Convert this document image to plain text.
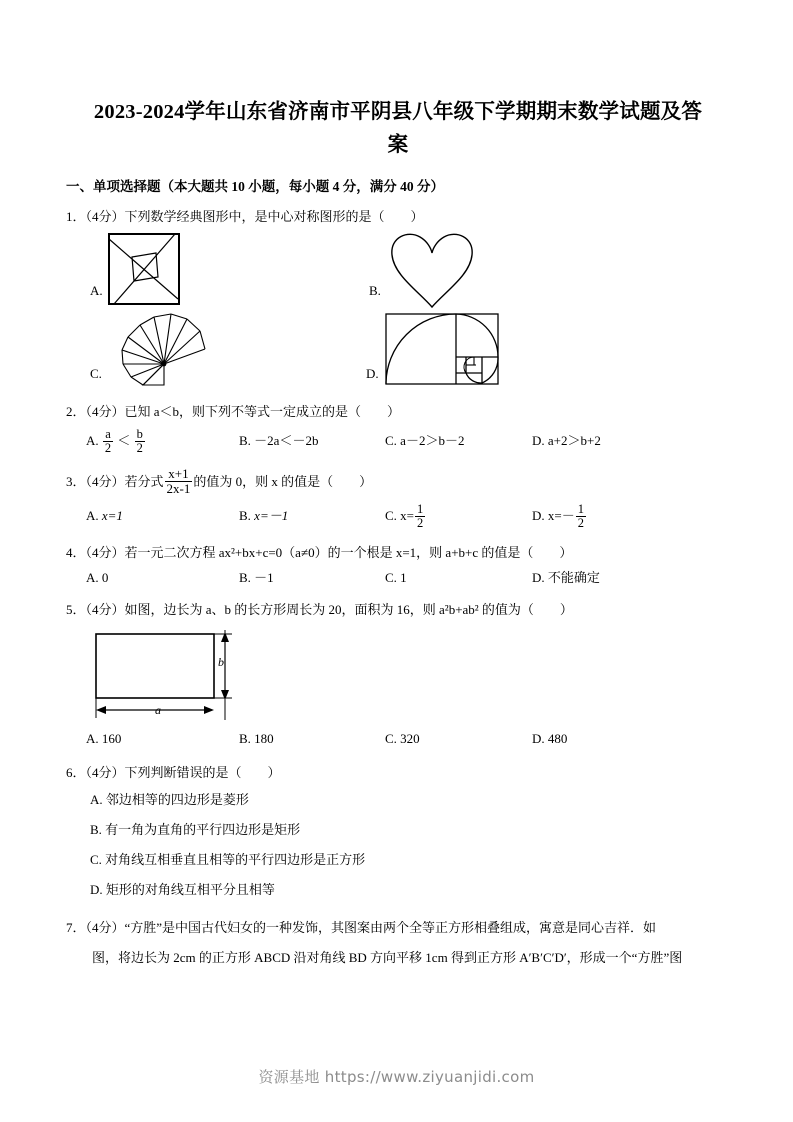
2023-2024学年山东省济南市平阴县八年级下学期期末数学试题及答
案
一、单项选择题（本大题共 10 小题，每小题 4 分，满分 40 分）
1．（4分）下列数学经典图形中，是中心对称图形的是（　　）
A.	B.
C.	D.
2．（4分）已知 a＜b，则下列不等式一定成立的是（　　）
A. $\frac{a}{2} < \frac{b}{2}$	B. －2a＜－2b	C. a－2＞b－2	D. a+2＞b+2
3．（4分）若分式 $\frac{x+1}{2x-1}$ 的值为 0，则 x 的值是（　　）
A. x=1	B. x=－1	C. $x= \frac{1}{2}$	D. $x=- \frac{1}{2}$
4．（4分）若一元二次方程 ax²+bx+c=0（a≠0）的一个根是 x=1，则 a+b+c 的值是（　　）
A. 0	B. －1	C. 1	D. 不能确定
5．（4分）如图，边长为 a、b 的长方形周长为 20，面积为 16，则 a²b+ab² 的值为（　　）
a
b
A. 160	B. 180	C. 320	D. 480
6．（4分）下列判断错误的是（　　）
A. 邻边相等的四边形是菱形
B. 有一角为直角的平行四边形是矩形
C. 对角线互相垂直且相等的平行四边形是正方形
D. 矩形的对角线互相平分且相等
7．（4分）“方胜”是中国古代妇女的一种发饰，其图案由两个全等正方形相叠组成，寓意是同心吉祥．如
图，将边长为 2cm 的正方形 ABCD 沿对角线 BD 方向平移 1cm 得到正方形 A′B′C′D′，形成一个“方胜”图
资源基地 https://www.ziyuanjidi.com
